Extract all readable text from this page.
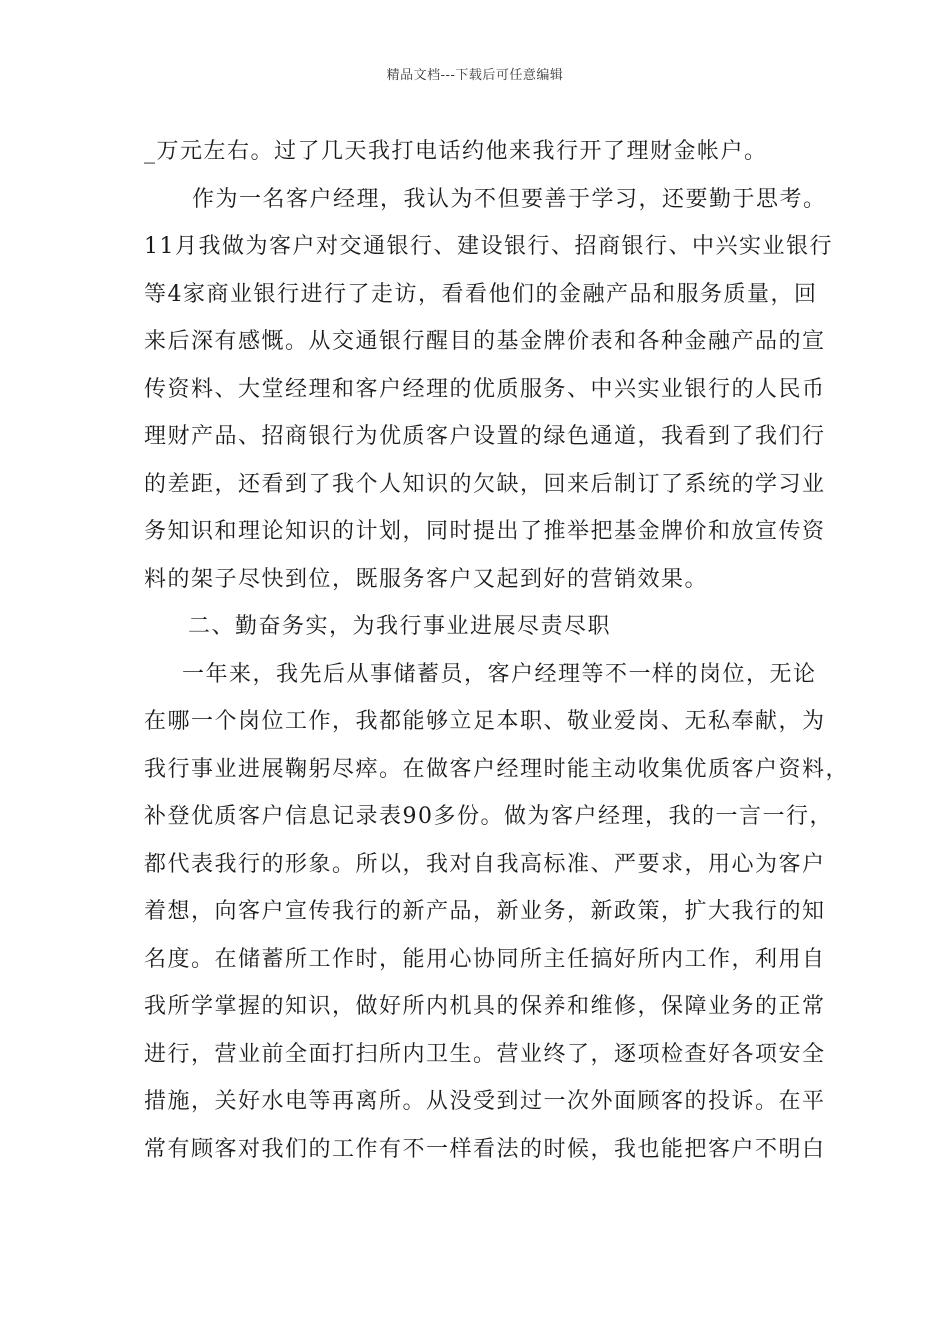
精品文档---下载后可任意编辑
_万元左右。过了几天我打电话约他来我行开了理财金帐户。
作为一名客户经理，我认为不但要善于学习，还要勤于思考。
11月我做为客户对交通银行、建设银行、招商银行、中兴实业银行
等4家商业银行进行了走访，看看他们的金融产品和服务质量，回
来后深有感慨。从交通银行醒目的基金牌价表和各种金融产品的宣
传资料、大堂经理和客户经理的优质服务、中兴实业银行的人民币
理财产品、招商银行为优质客户设置的绿色通道，我看到了我们行
的差距，还看到了我个人知识的欠缺，回来后制订了系统的学习业
务知识和理论知识的计划，同时提出了推举把基金牌价和放宣传资
料的架子尽快到位，既服务客户又起到好的营销效果。
二、勤奋务实，为我行事业进展尽责尽职
一年来，我先后从事储蓄员，客户经理等不一样的岗位，无论
在哪一个岗位工作，我都能够立足本职、敬业爱岗、无私奉献，为
我行事业进展鞠躬尽瘁。在做客户经理时能主动收集优质客户资料，
补登优质客户信息记录表90多份。做为客户经理，我的一言一行，
都代表我行的形象。所以，我对自我高标准、严要求，用心为客户
着想，向客户宣传我行的新产品，新业务，新政策，扩大我行的知
名度。在储蓄所工作时，能用心协同所主任搞好所内工作，利用自
我所学掌握的知识，做好所内机具的保养和维修，保障业务的正常
进行，营业前全面打扫所内卫生。营业终了，逐项检查好各项安全
措施，关好水电等再离所。从没受到过一次外面顾客的投诉。在平
常有顾客对我们的工作有不一样看法的时候，我也能把客户不明白
